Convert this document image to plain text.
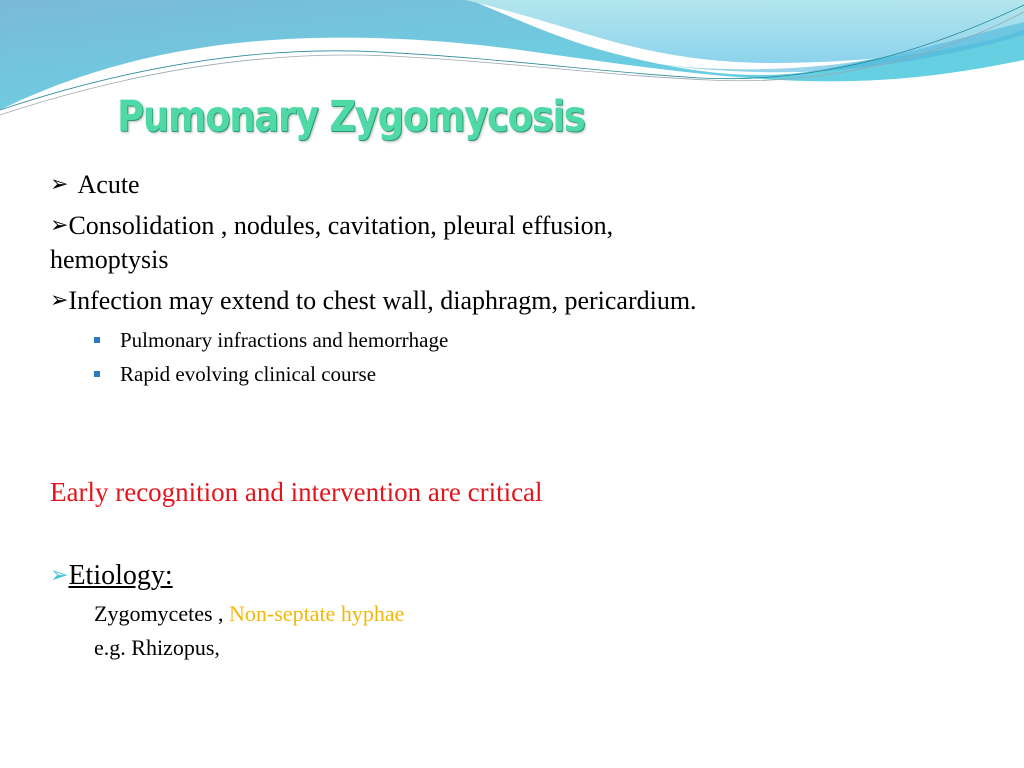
Pumonary Zygomycosis
➢ Acute
➢Consolidation , nodules, cavitation, pleural effusion,
hemoptysis
➢Infection may extend to chest wall, diaphragm, pericardium.
Pulmonary infractions and hemorrhage
Rapid evolving clinical course
Early recognition and intervention are critical
➢Etiology:
Zygomycetes , Non-septate hyphae
e.g. Rhizopus,
